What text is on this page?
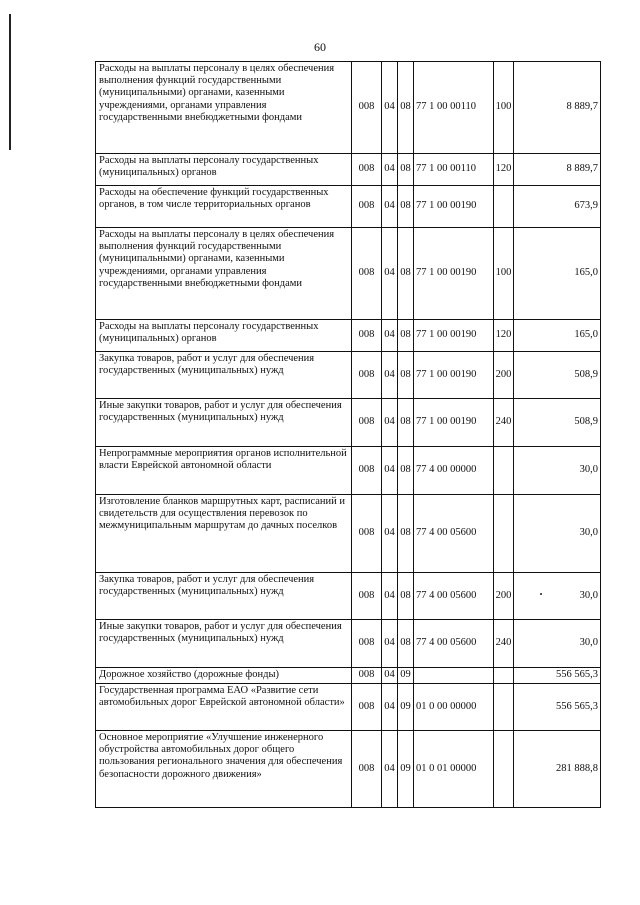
60
Расходы на выплаты персоналу в целях обеспечения выполнения функций государственными (муниципальными) органами, казенными учреждениями, органами управления государственными внебюджетными фондами	008	04	08	77 1 00 00110	100	8 889,7
Расходы на выплаты персоналу государственных (муниципальных) органов	008	04	08	77 1 00 00110	120	8 889,7
Расходы на обеспечение функций государственных органов, в том числе территориальных органов	008	04	08	77 1 00 00190		673,9
Расходы на выплаты персоналу в целях обеспечения выполнения функций государственными (муниципальными) органами, казенными учреждениями, органами управления государственными внебюджетными фондами	008	04	08	77 1 00 00190	100	165,0
Расходы на выплаты персоналу государственных (муниципальных) органов	008	04	08	77 1 00 00190	120	165,0
Закупка товаров, работ и услуг для обеспечения государственных (муниципальных) нужд	008	04	08	77 1 00 00190	200	508,9
Иные закупки товаров, работ и услуг для обеспечения государственных (муниципальных) нужд	008	04	08	77 1 00 00190	240	508,9
Непрограммные мероприятия органов исполнительной власти Еврейской автономной области	008	04	08	77 4 00 00000		30,0
Изготовление бланков маршрутных карт, расписаний и свидетельств для осуществления перевозок по межмуниципальным маршрутам до дачных поселков	008	04	08	77 4 00 05600		30,0
Закупка товаров, работ и услуг для обеспечения государственных (муниципальных) нужд	008	04	08	77 4 00 05600	200	30,0
Иные закупки товаров, работ и услуг для обеспечения государственных (муниципальных) нужд	008	04	08	77 4 00 05600	240	30,0
Дорожное хозяйство (дорожные фонды)	008	04	09			556 565,3
Государственная программа ЕАО «Развитие сети автомобильных дорог Еврейской автономной области»	008	04	09	01 0 00 00000		556 565,3
Основное мероприятие «Улучшение инженерного обустройства автомобильных дорог общего пользования регионального значения для обеспечения безопасности дорожного движения»	008	04	09	01 0 01 00000		281 888,8
